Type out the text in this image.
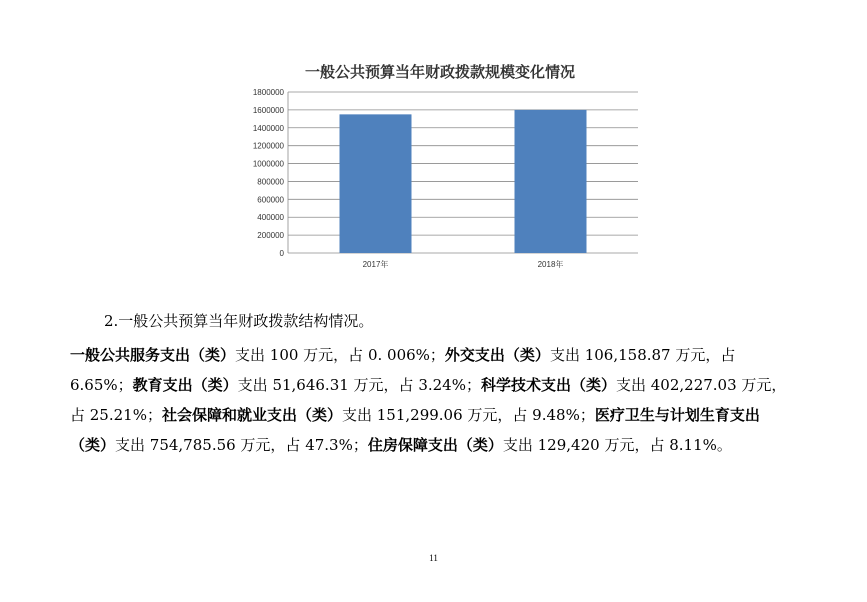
一般公共预算当年财政拨款规模变化情况
0
200000
400000
600000
800000
1000000
1200000
1400000
1600000
1800000
2017年	2018年
2.一般公共预算当年财政拨款结构情况。
一般公共服务支出（类）支出 100 万元，占 0. 006%；外交支出（类）支出 106,158.87 万元，占
6.65%；教育支出（类）支出 51,646.31 万元，占 3.24%；科学技术支出（类）支出 402,227.03 万元，
占 25.21%；社会保障和就业支出（类）支出 151,299.06 万元，占 9.48%；医疗卫生与计划生育支出
（类）支出 754,785.56 万元，占 47.3%；住房保障支出（类）支出 129,420 万元，占 8.11%。
11
